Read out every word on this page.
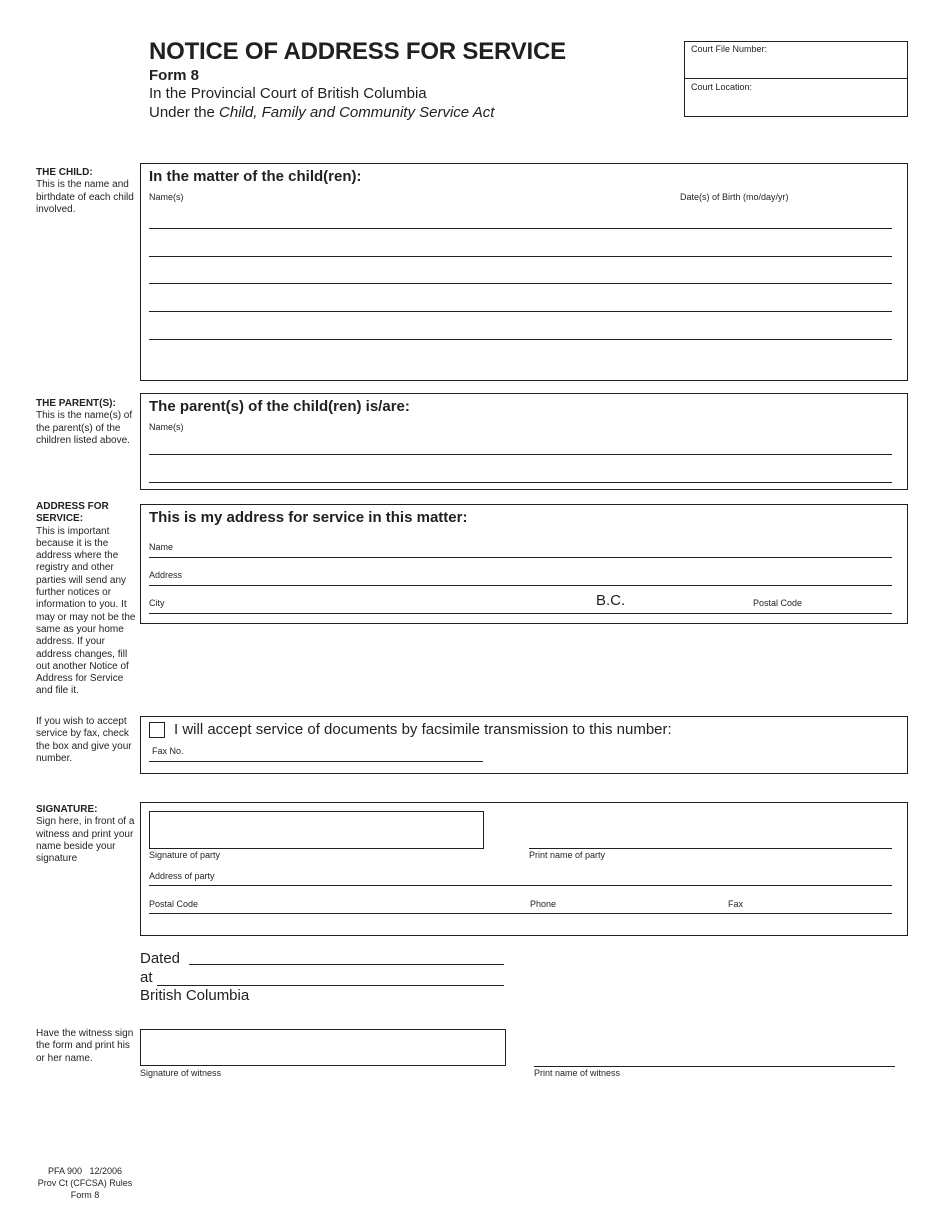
NOTICE OF ADDRESS FOR SERVICE
Form 8
In the Provincial Court of British Columbia
Under the Child, Family and Community Service Act
Court File Number:
Court Location:
THE CHILD:
This is the name and birthdate of each child involved.
In the matter of the child(ren):
Name(s)	Date(s) of Birth (mo/day/yr)
THE PARENT(S):
This is the name(s) of the parent(s) of the children listed above.
The parent(s) of the child(ren) is/are:
Name(s)
ADDRESS FOR SERVICE:
This is important because it is the address where the registry and other parties will send any further notices or information to you. It may or may not be the same as your home address. If your address changes, fill out another Notice of Address for Service and file it.
This is my address for service in this matter:
Name
Address
City	B.C.	Postal Code
If you wish to accept service by fax, check the box and give your number.
I will accept service of documents by facsimile transmission to this number:
Fax No.
SIGNATURE:
Sign here, in front of a witness and print your name beside your signature	Signature of party	Print name of party
Address of party
Postal Code	Phone	Fax
Dated
at
British Columbia
Have the witness sign the form and print his or her name.
Signature of witness	Print name of witness
PFA 900   12/2006
Prov Ct (CFCSA) Rules
Form 8
